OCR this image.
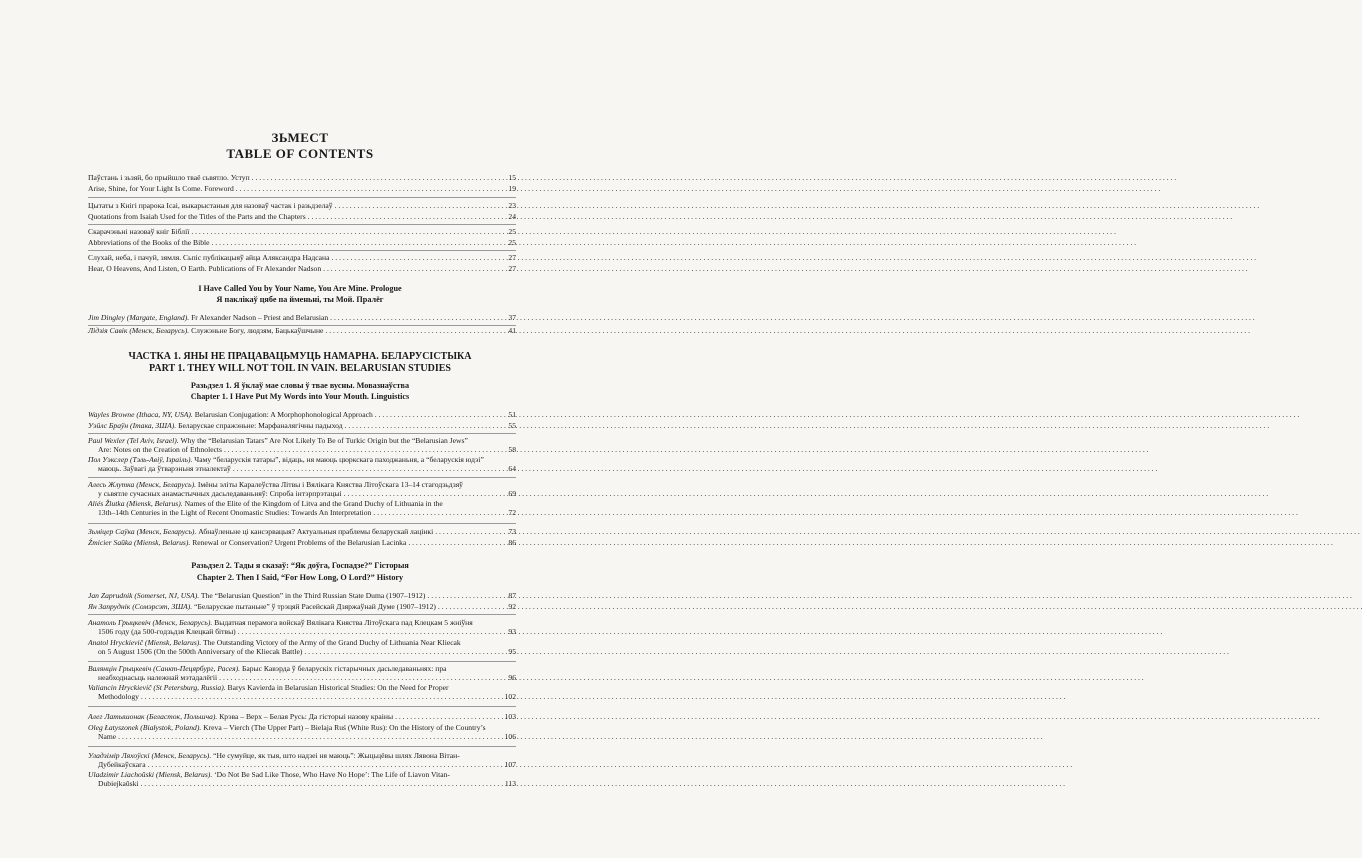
ЗЬМЕСТ
TABLE OF CONTENTS
Паўстань і зьзяй, бо прыйшло тваё сьвятло. Уступ . . .	15
Arise, Shine, for Your Light Is Come. Foreword . . .	19
Цытаты з Кнігі прарока Ісаі, выкарыстаныя для назоваў частак і разьдзелаў . . .	23
Quotations from Isaiah Used for the Titles of the Parts and the Chapters . . .	24
Скарачэньні назоваў кніг Біблії . . .	25
Abbreviations of the Books of the Bible . . .	25
Слухай, неба, і пачуй, зямля. Сьпіс публікацыяў айца Аляксандра Надсана . . .	27
Hear, O Heavens, And Listen, O Earth. Publications of Fr Alexander Nadson . . .	27
I Have Called You by Your Name, You Are Mine. Prologue
Я паклікаў цябе па йменьні, ты Мой. Пралёг
Jim Dingley (Margate, England). Fr Alexander Nadson – Priest and Belarusian . . .	37
Лідзія Савік (Менск, Беларусь). Служэньне Богу, людзям, Бацькаўшчыне . . .	41
ЧАСТКА 1. ЯНЫ НЕ ПРАЦАВАЦЬМУЦЬ НАМАРНА. БЕЛАРУСІСТЫКА
PART 1. THEY WILL NOT TOIL IN VAIN. BELARUSIAN STUDIES
Разьдзел 1. Я ўклаў мае словы ў твае вусны. Мовазнаўства
Chapter 1. I Have Put My Words into Your Mouth. Linguistics
Wayles Browne (Ithaca, NY, USA). Belarusian Conjugation: A Morphophonological Approach . . .	51
Уэйлс Браўн (Ітака, ЗША). Беларускае спражэньне: Марфаналягічны падыход . . .	55
Paul Wexler (Tel Aviv, Israel). Why the “Belarusian Tatars” Are Not Likely To Be of Turkic Origin but the “Belarusian Jews”
Are: Notes on the Creation of Ethnolects . . .	58
Пол Уэкслер (Тэль-Авіў, Ізраіль). Чаму “беларускія татары”, відаць, ня маюць цюркскага паходжаньня, а “беларускія юдэі”
маюць. Заўвагі да ўтварэньня этналектаў . . .	64
Алесь Жлутка (Менск, Беларусь). Імёны эліты Каралеўства Літвы і Вялікага Княства Літоўскага 13–14 стагодзьдзяў
у сьвятле сучасных анамастычных дасьледаваньняў: Спроба інтэрпрэтацыі . . .	69
Aliés Žlutka (Miensk, Belarus). Names of the Elite of the Kingdom of Litva and the Grand Duchy of Lithuania in the
13th–14th Centuries in the Light of Recent Onomastic Studies: Towards An Interpretation . . .	72
Зьміцер Саўка (Менск, Беларусь). Абнаўленьне ці кансэрвацыя? Актуальныя праблемы беларускай лацінкі . . .	73
Źmicier Saŭka (Miensk, Belarus). Renewal or Conservation? Urgent Problems of the Belarusian Lacinka . . .	86
Разьдзел 2. Тады я сказаў: “Як доўга, Госпадзе?” Гісторыя
Chapter 2. Then I Said, “For How Long, O Lord?” History
Jan Zaprudnik (Somerset, NJ, USA). The “Belarusian Question” in the Third Russian State Duma (1907–1912) . . .	87
Ян Запруднік (Сомэрсэт, ЗША). “Беларускае пытаньне” ў трэцяй Расейскай Дзяржаўнай Думе (1907–1912) . . .	92
Анатоль Грыцкевіч (Менск, Беларусь). Выдатная перамога войскаў Вялікага Княства Літоўскага пад Клецкам 5 жніўня
1506 году (да 500-годзьдзя Клецкай бітвы) . . .	93
Anatol Hryckievič (Miensk, Belarus). The Outstanding Victory of the Army of the Grand Duchy of Lithuania Near Kliecak
on 5 August 1506 (On the 500th Anniversary of the Kliecak Battle) . . .	95
Валянцін Грыцкевіч (Санкт-Пецярбург, Расея). Барыс Кавэрда ў беларускіх гістарычных дасьледаваньнях: пра
неабходнасьць належнай мэтадалёгіі . . .	96
Valiancin Hryckievič (St Petersburg, Russia). Barys Kavierda in Belarusian Historical Studies: On the Need for Proper
Methodology . . .	102
Алег Латышонак (Беласток, Польшча). Крэва – Верх – Белая Русь: Да гісторыі назову краіны . . .	103
Oleg Łatyszonek (Białystok, Poland). Kreva – Vierch (The Upper Part) – Bielaja Ruś (White Rus): On the History of the Country’s
Name . . .	106
Уладзімір Ляхоўскі (Менск, Беларусь). “Не сумуйце, як тыя, што надзеі ня маюць”: Жыцьцёвы шлях Лявона Вітан-
Дубейкаўскага . . .	107
Uladzimir Liachoŭski (Miensk, Belarus). ‘Do Not Be Sad Like Those, Who Have No Hope’: The Life of Liavon Vitan-
Dubiejkaŭski . . .	113
